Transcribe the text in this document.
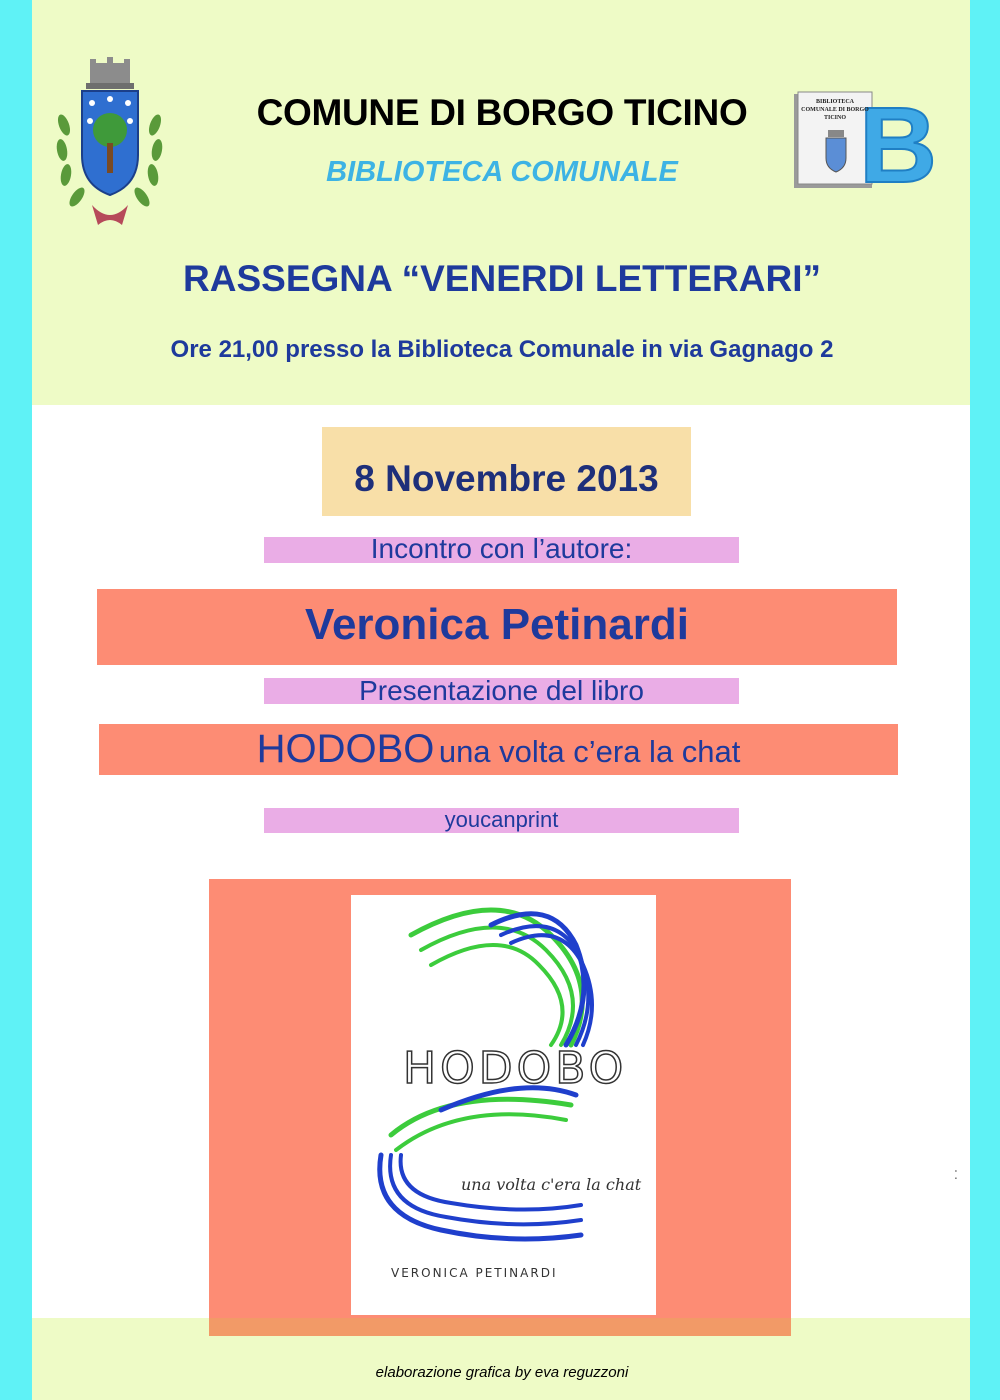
COMUNE DI BORGO TICINO
BIBLIOTECA COMUNALE	B
BIBLIOTECA COMUNALE DI BORGO TICINO
RASSEGNA “VENERDI LETTERARI”
Ore 21,00 presso la Biblioteca Comunale in via Gagnago 2
8 Novembre 2013
Incontro con l’autore:
Veronica Petinardi
Presentazione del libro
HODOBO una volta c’era la chat
youcanprint
HODOBO
una volta c'era la chat
VERONICA PETINARDI
⁚
elaborazione grafica by eva reguzzoni
